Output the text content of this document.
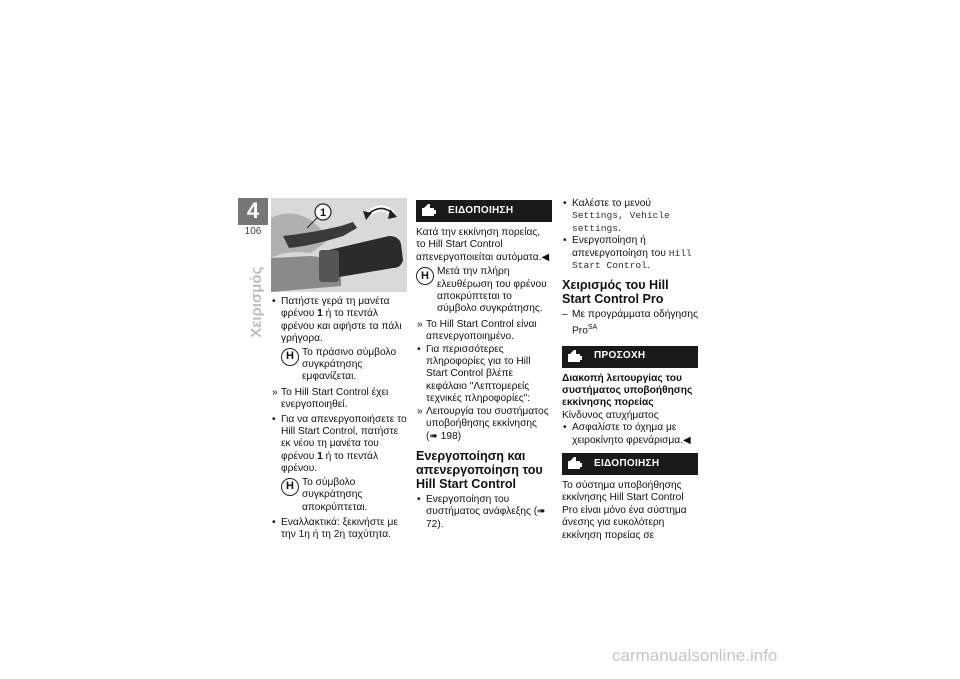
4
106
Χειρισμός
1

• Πατήστε γερά τη μανέτα φρένου 1 ή το πεντάλ φρένου και αφήστε τα πάλι γρήγορα.

H Το πράσινο σύμβολο συγκράτησης εμφανίζεται.

» Το Hill Start Control έχει ενεργοποιηθεί.

• Για να απενεργοποιήσετε το Hill Start Control, πατήστε εκ νέου τη μανέτα του φρένου 1 ή το πεντάλ φρένου.

H Το σύμβολο συγκράτησης αποκρύπτεται.

• Εναλλακτικά: ξεκινήστε με την 1η ή τη 2η ταχύτητα.

ΕΙΔΟΠΟΙΗΣΗ

Κατά την εκκίνηση πορείας, το Hill Start Control απενεργοποιείται αυτόματα.◀

H Μετά την πλήρη ελευθέρωση του φρένου αποκρύπτεται το σύμβολο συγκράτησης.

» Το Hill Start Control είναι απενεργοποιημένο.

• Για περισσότερες πληροφορίες για το Hill Start Control βλέπε κεφάλαιο "Λεπτομερείς τεχνικές πληροφορίες":

» Λειτουργία του συστήματος υποβοήθησης εκκίνησης
(➠ 198)

Ενεργοποίηση και απενεργοποίηση του Hill Start Control

• Ενεργοποίηση του συστήματος ανάφλεξης (➠ 72).

• Καλέστε το μενού Settings, Vehicle settings.

• Ενεργοποίηση ή απενεργοποίηση του Hill Start Control.

Χειρισμός του Hill Start Control Pro

– Με προγράμματα οδήγησης Pro$^{SA}$

ΠΡΟΣΟΧΗ

Διακοπή λειτουργίας του συστήματος υποβοήθησης εκκίνησης πορείας

Κίνδυνος ατυχήματος

• Ασφαλίστε το όχημα με χειροκίνητο φρενάρισμα.◀

ΕΙΔΟΠΟΙΗΣΗ

Το σύστημα υποβοήθησης εκκίνησης Hill Start Control Pro είναι μόνο ένα σύστημα άνεσης για ευκολότερη εκκίνηση πορείας σε

carmanualsonline.info
